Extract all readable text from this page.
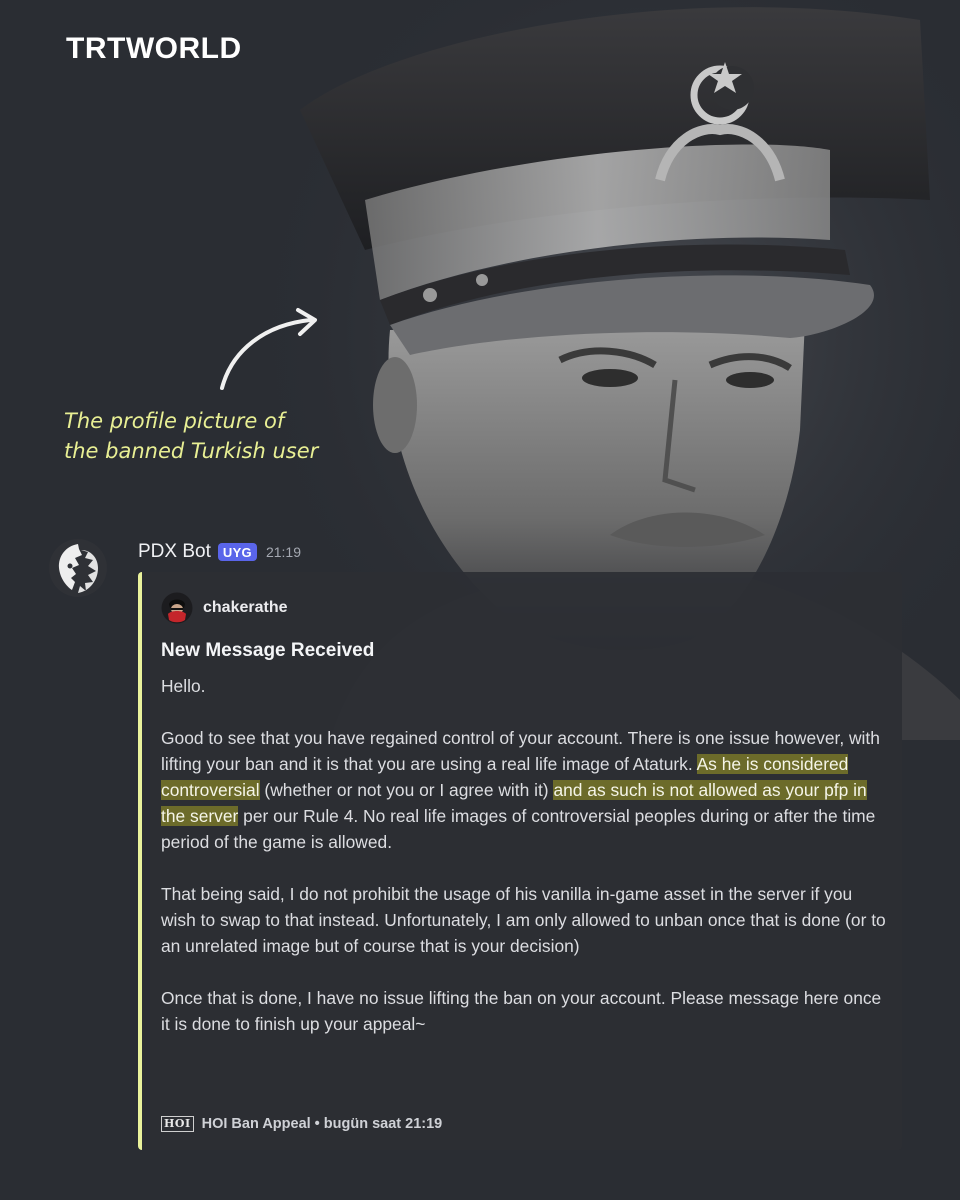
TRTWORLD
The profile picture of
the banned Turkish user
PDX Bot UYG	21:19
chakerathe
New Message Received

Hello.

Good to see that you have regained control of your account. There is one issue however, with lifting your ban and it is that you are using a real life image of Ataturk. As he is considered controversial (whether or not you or I agree with it) and as such is not allowed as your pfp in the server per our Rule 4. No real life images of controversial peoples during or after the time period of the game is allowed.

That being said, I do not prohibit the usage of his vanilla in-game asset in the server if you wish to swap to that instead. Unfortunately, I am only allowed to unban once that is done (or to an unrelated image but of course that is your decision)

Once that is done, I have no issue lifting the ban on your account. Please message here once it is done to finish up your appeal~

HOI HOI Ban Appeal • bugün saat 21:19
